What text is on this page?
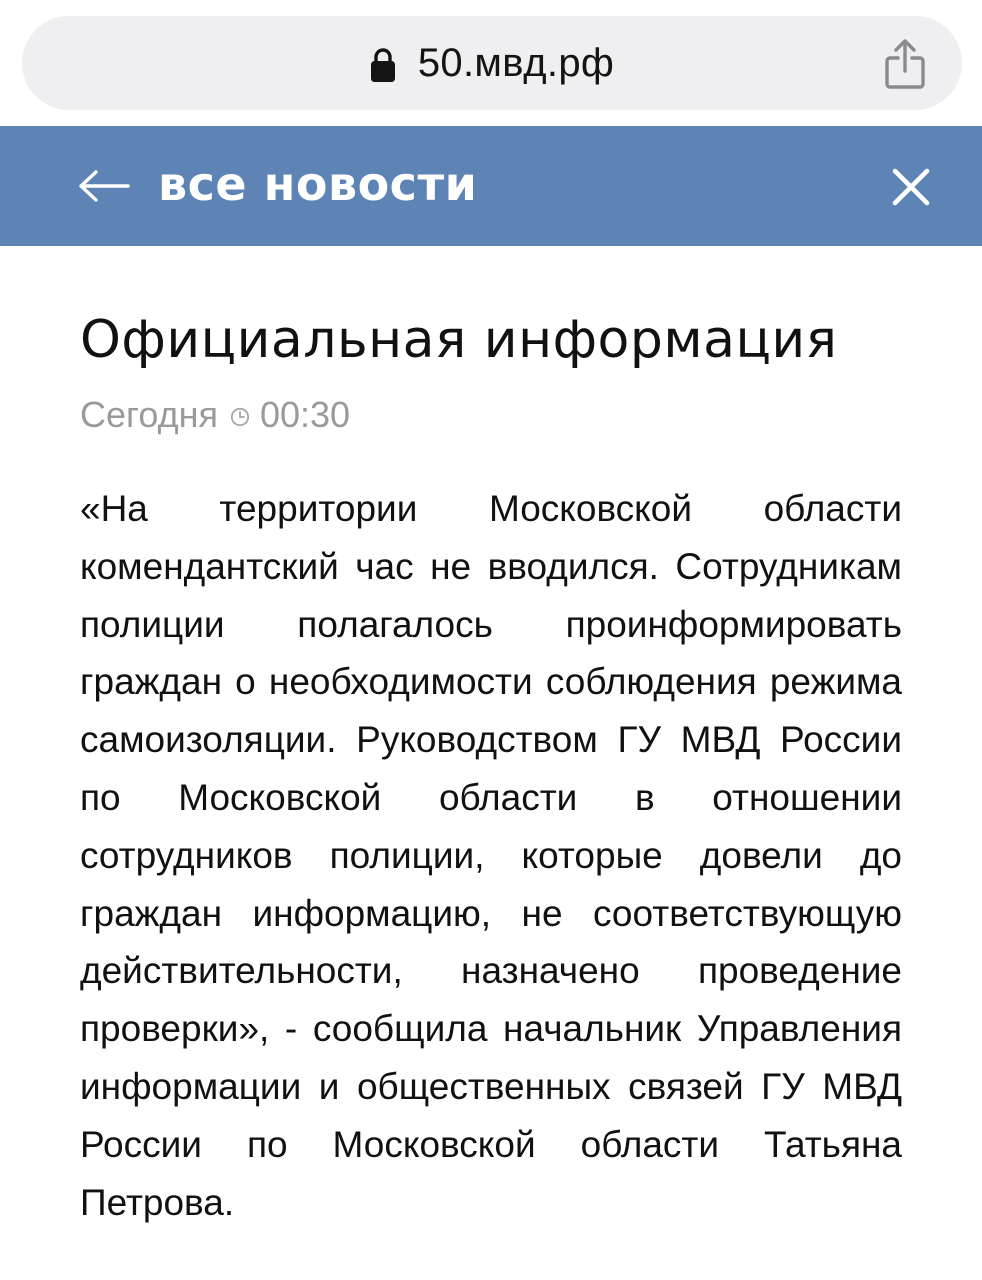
50.мвд.рф
все новости
Официальная информация
Сегодня 00:30
«На территории Московской области комендантский час не вводился. Сотрудникам полиции полагалось проинформировать граждан о необходимости соблюдения режима самоизоляции. Руководством ГУ МВД России по Московской области в отношении сотрудников полиции, которые довели до граждан информацию, не соответствующую действительности, назначено проведение проверки», - сообщила начальник Управления информации и общественных связей ГУ МВД России по Московской области Татьяна Петрова.
